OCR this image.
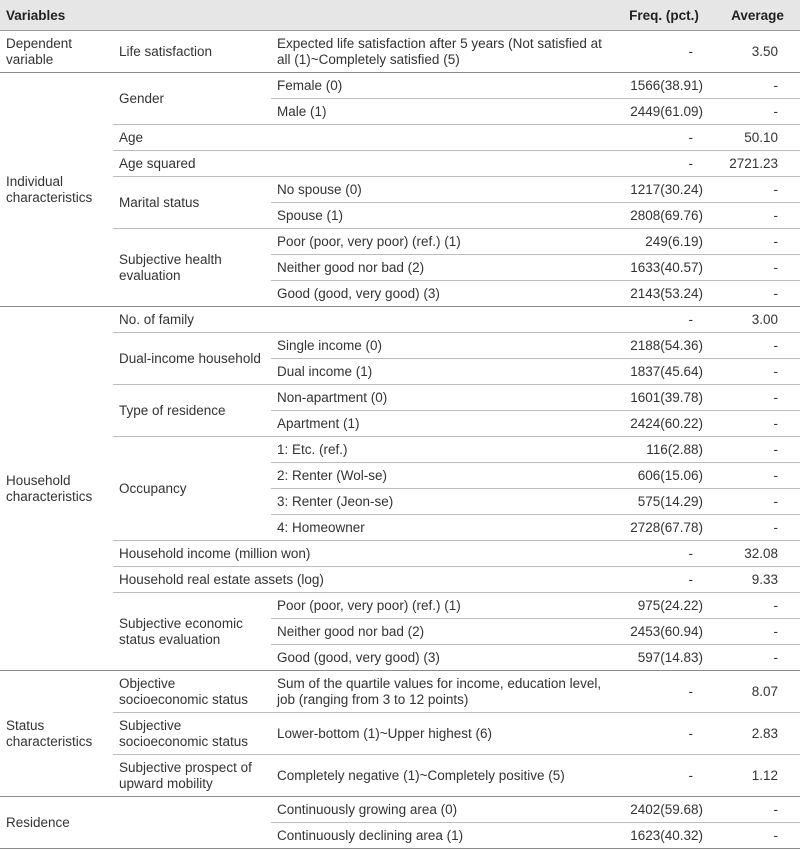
Variables			Freq. (pct.)	Average
Dependent variable	Life satisfaction	Expected life satisfaction after 5 years (Not satisfied at all (1)~Completely satisfied (5)	-	3.50
Individual characteristics	Gender	Female (0)	1566(38.91)	-
		Male (1)	2449(61.09)	-
	Age		-	50.10
	Age squared		-	2721.23
	Marital status	No spouse (0)	1217(30.24)	-
		Spouse (1)	2808(69.76)	-
	Subjective health evaluation	Poor (poor, very poor) (ref.) (1)	249(6.19)	-
		Neither good nor bad (2)	1633(40.57)	-
		Good (good, very good) (3)	2143(53.24)	-
Household characteristics	No. of family		-	3.00
	Dual-income household	Single income (0)	2188(54.36)	-
		Dual income (1)	1837(45.64)	-
	Type of residence	Non-apartment (0)	1601(39.78)	-
		Apartment (1)	2424(60.22)	-
	Occupancy	1: Etc. (ref.)	116(2.88)	-
		2: Renter (Wol-se)	606(15.06)	-
		3: Renter (Jeon-se)	575(14.29)	-
		4: Homeowner	2728(67.78)	-
	Household income (million won)		-	32.08
	Household real estate assets (log)		-	9.33
	Subjective economic status evaluation	Poor (poor, very poor) (ref.) (1)	975(24.22)	-
		Neither good nor bad (2)	2453(60.94)	-
		Good (good, very good) (3)	597(14.83)	-
Status characteristics	Objective socioeconomic status	Sum of the quartile values for income, education level, job (ranging from 3 to 12 points)	-	8.07
	Subjective socioeconomic status	Lower-bottom (1)~Upper highest (6)	-	2.83
	Subjective prospect of upward mobility	Completely negative (1)~Completely positive (5)	-	1.12
Residence		Continuously growing area (0)	2402(59.68)	-
		Continuously declining area (1)	1623(40.32)	-
